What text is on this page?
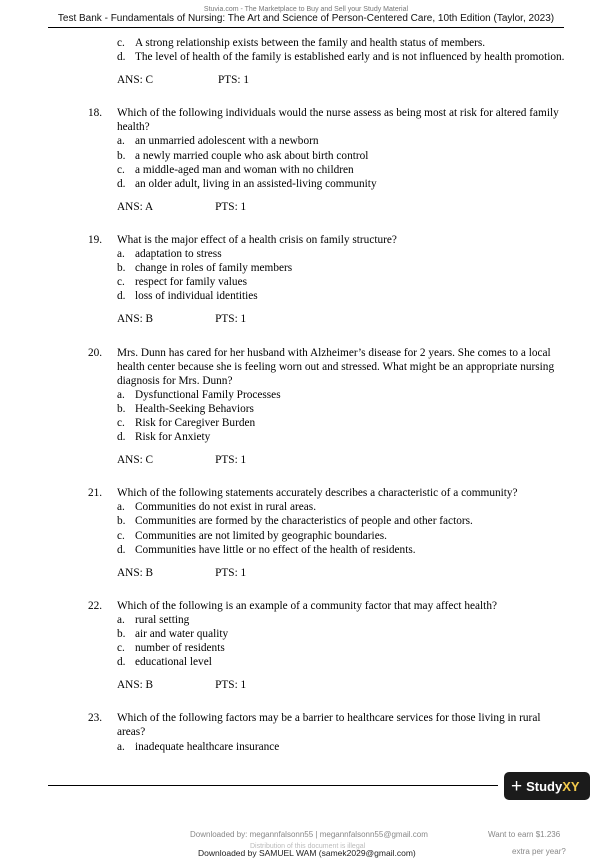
Stuvia.com - The Marketplace to Buy and Sell your Study Material
Test Bank - Fundamentals of Nursing: The Art and Science of Person-Centered Care, 10th Edition (Taylor, 2023)
c. A strong relationship exists between the family and health status of members.
d. The level of health of the family is established early and is not influenced by health promotion.
ANS: C	PTS: 1
18. Which of the following individuals would the nurse assess as being most at risk for altered family health?
a. an unmarried adolescent with a newborn
b. a newly married couple who ask about birth control
c. a middle-aged man and woman with no children
d. an older adult, living in an assisted-living community
ANS: A	PTS: 1
19. What is the major effect of a health crisis on family structure?
a. adaptation to stress
b. change in roles of family members
c. respect for family values
d. loss of individual identities
ANS: B	PTS: 1
20. Mrs. Dunn has cared for her husband with Alzheimer’s disease for 2 years. She comes to a local health center because she is feeling worn out and stressed. What might be an appropriate nursing diagnosis for Mrs. Dunn?
a. Dysfunctional Family Processes
b. Health-Seeking Behaviors
c. Risk for Caregiver Burden
d. Risk for Anxiety
ANS: C	PTS: 1
21. Which of the following statements accurately describes a characteristic of a community?
a. Communities do not exist in rural areas.
b. Communities are formed by the characteristics of people and other factors.
c. Communities are not limited by geographic boundaries.
d. Communities have little or no effect of the health of residents.
ANS: B	PTS: 1
22. Which of the following is an example of a community factor that may affect health?
a. rural setting
b. air and water quality
c. number of residents
d. educational level
ANS: B	PTS: 1
23. Which of the following factors may be a barrier to healthcare services for those living in rural areas?
a. inadequate healthcare insurance
+ Study XY
Downloaded by: megannfalsonn55 | megannfalsonn55@gmail.com
Distribution of this document is illegal
Downloaded by SAMUEL WAM (samek2029@gmail.com)
Want to earn $1.236
extra per year?
